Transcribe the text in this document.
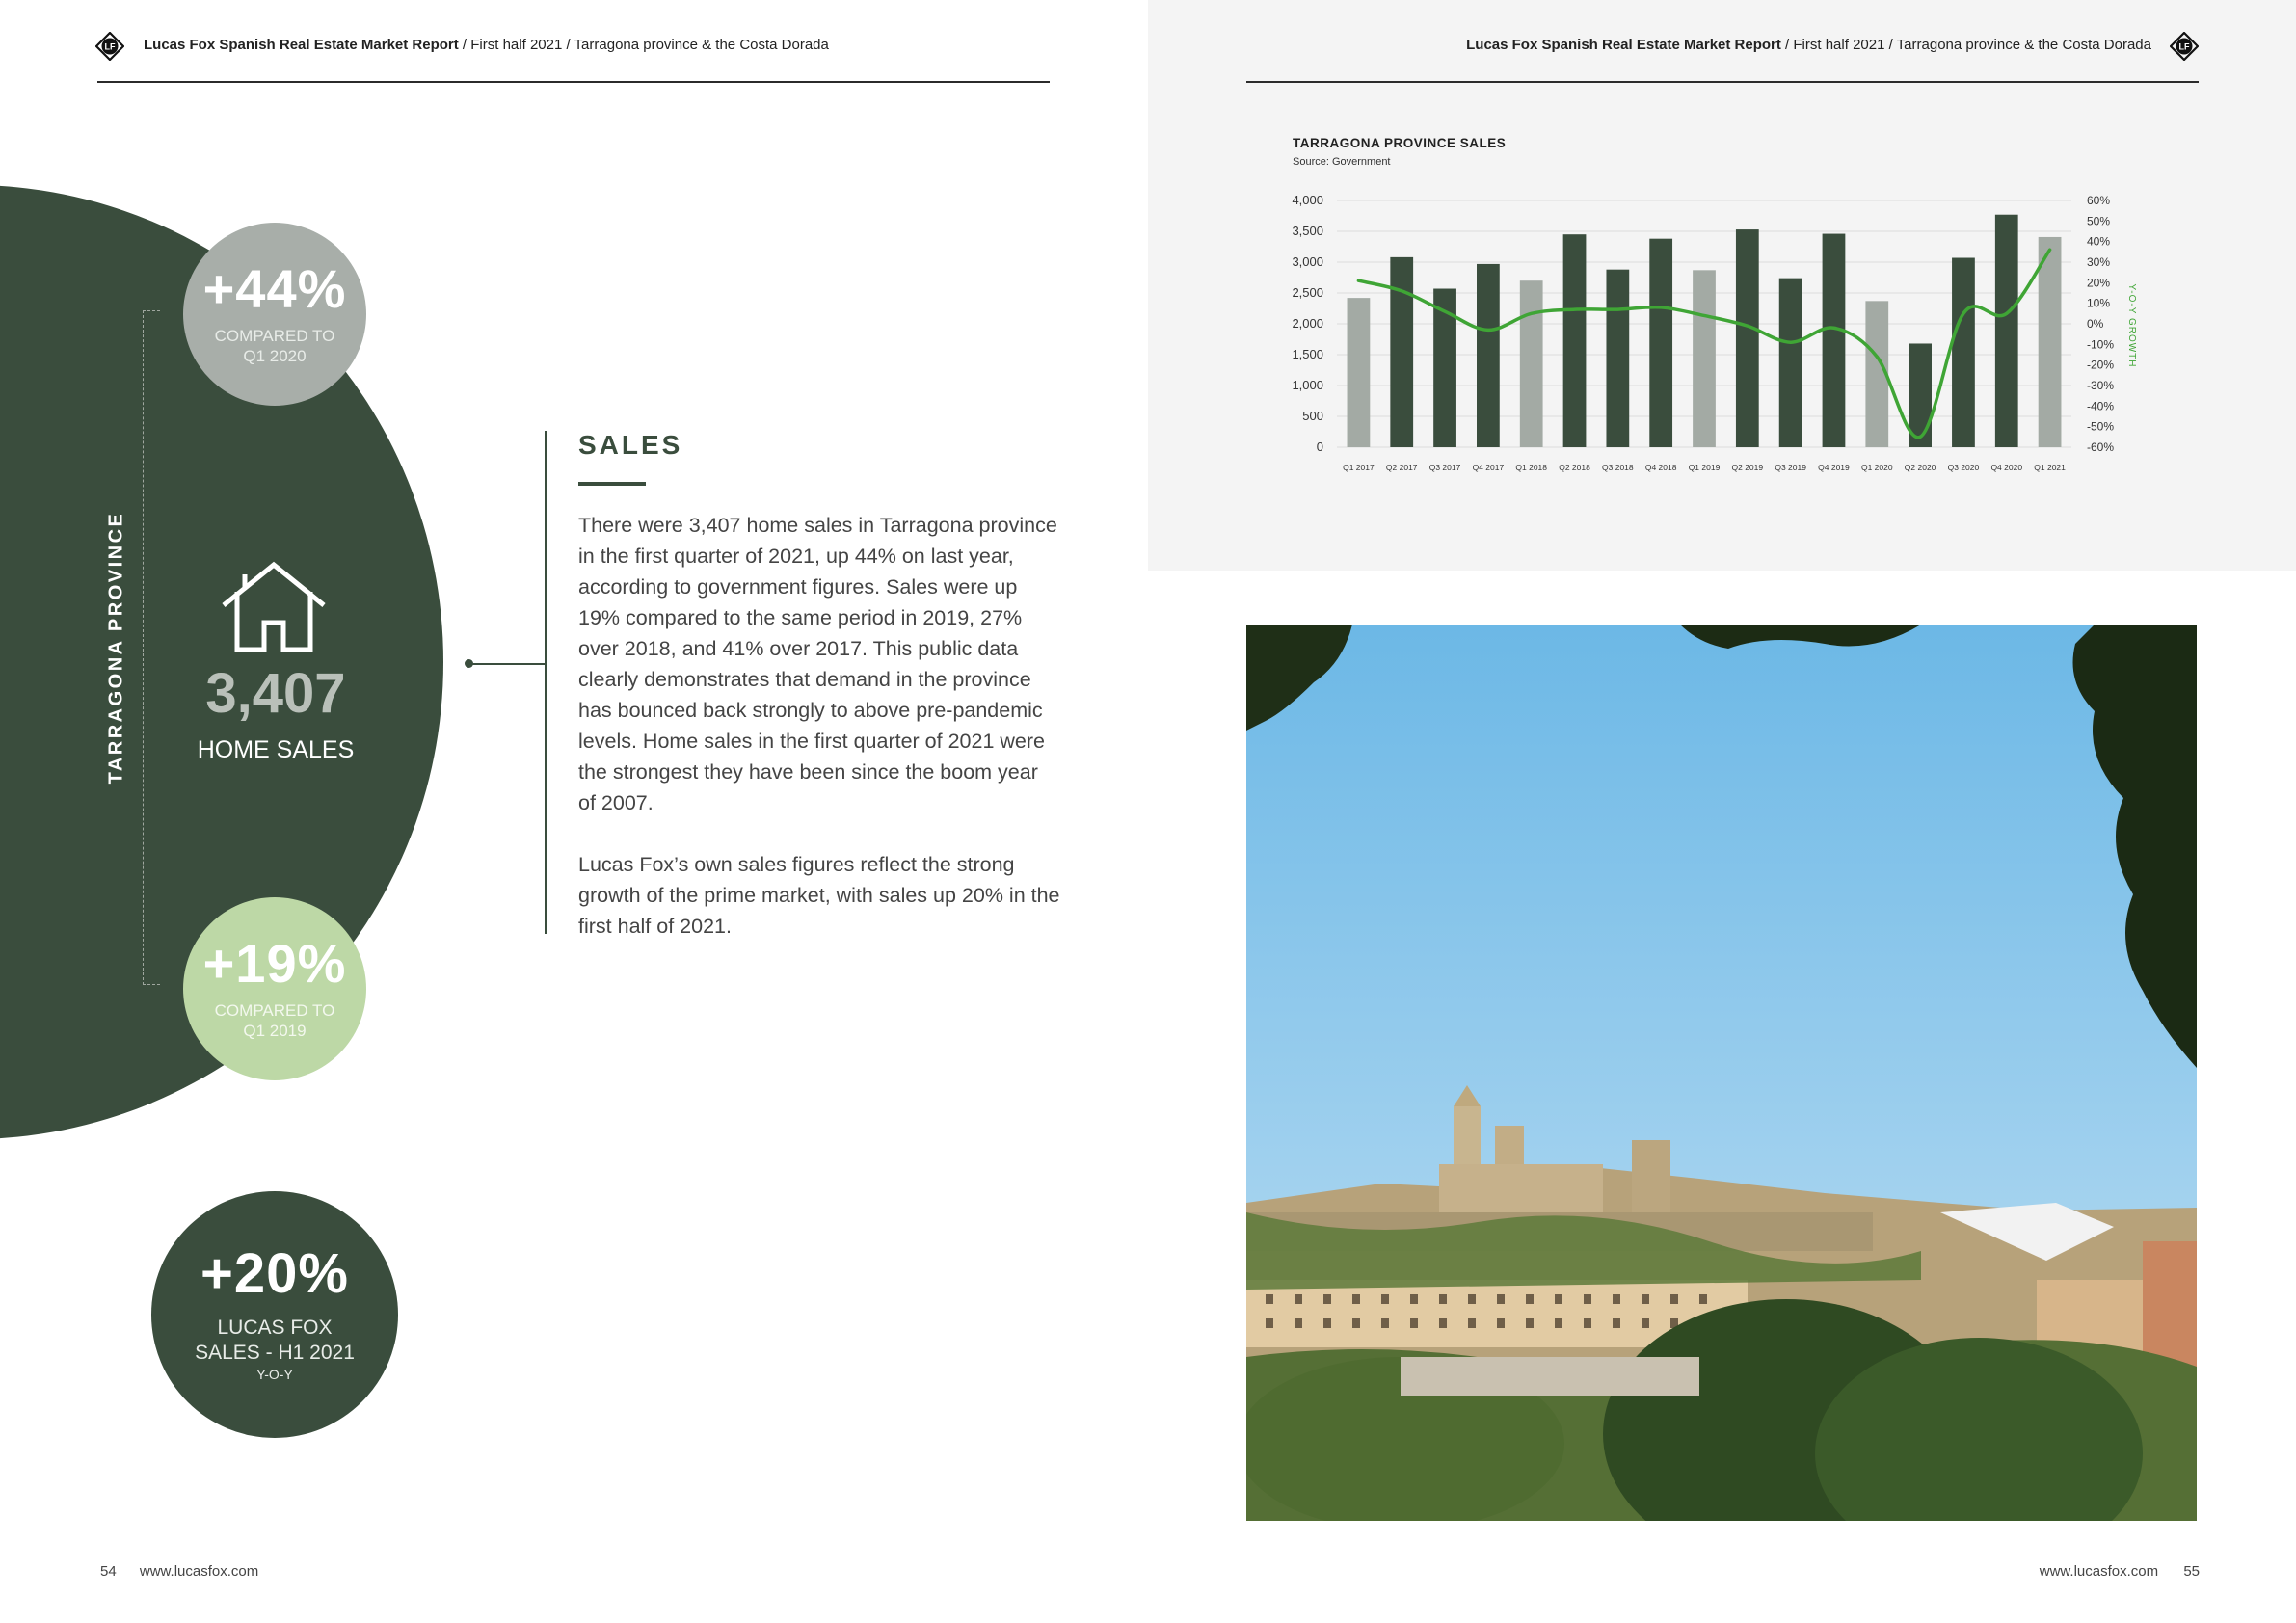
LF Lucas Fox Spanish Real Estate Market Report / First half 2021 / Tarragona province & the Costa Dorada
TARRAGONA PROVINCE
+44%
COMPARED TO
Q1 2020
3,407
HOME SALES
+19%
COMPARED TO
Q1 2019
+20%
LUCAS FOX
SALES - H1 2021
Y-O-Y
SALES
There were 3,407 home sales in Tarragona province in the first quarter of 2021, up 44% on last year, according to government figures. Sales were up 19% compared to the same period in 2019, 27% over 2018, and 41% over 2017. This public data clearly demonstrates that demand in the province has bounced back strongly to above pre-pandemic levels. Home sales in the first quarter of 2021 were the strongest they have been since the boom year of 2007.
Lucas Fox’s own sales figures reflect the strong growth of the prime market, with sales up 20% in the first half of 2021.
54 www.lucasfox.com
Lucas Fox Spanish Real Estate Market Report / First half 2021 / Tarragona province & the Costa Dorada	LF
TARRAGONA PROVINCE SALES
Source: Government
0
500
1,000
1,500
2,000
2,500
3,000
3,500
4,000
-60%
-50%
-40%
-30%
-20%
-10%
0%
10%
20%
30%
40%
50%
60%
Q1 2017 Q2 2017 Q3 2017 Q4 2017 Q1 2018 Q2 2018 Q3 2018 Q4 2018 Q1 2019 Q2 2019 Q3 2019 Q4 2019 Q1 2020 Q2 2020 Q3 2020 Q4 2020 Q1 2021
Y-O-Y GROWTH
www.lucasfox.com 55
